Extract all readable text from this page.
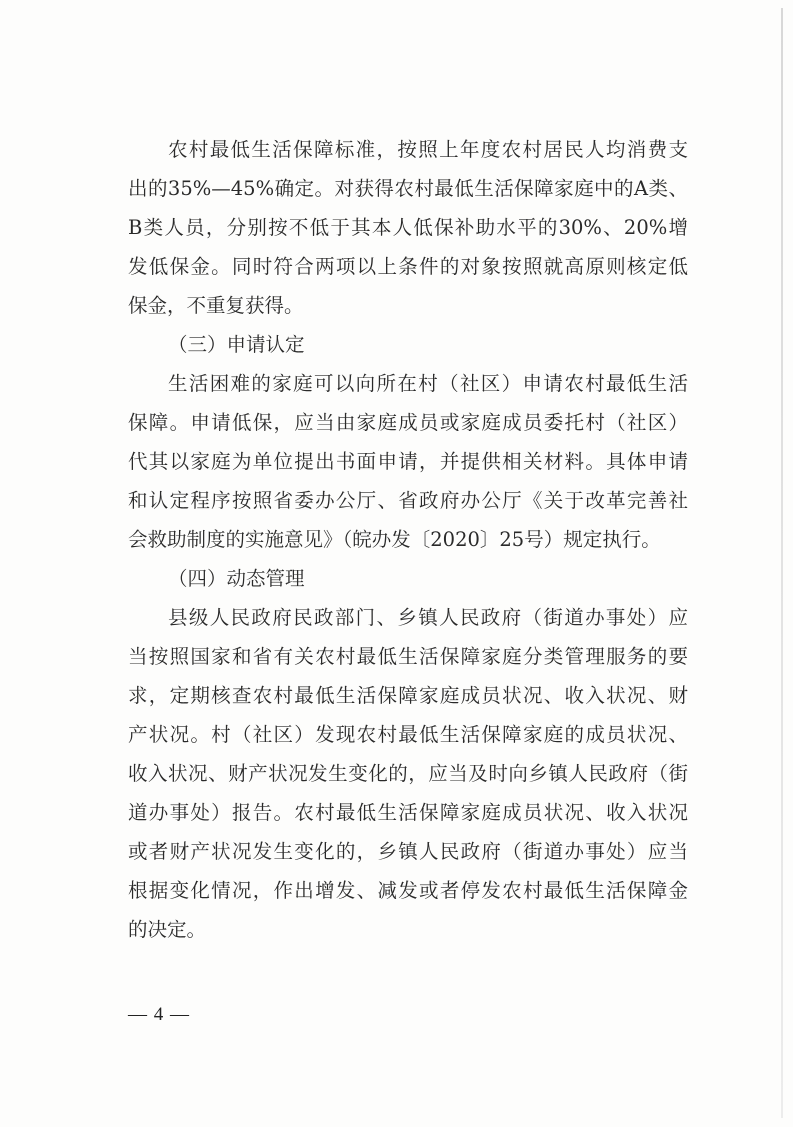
农村最低生活保障标准，按照上年度农村居民人均消费支
出的35%—45%确定。对获得农村最低生活保障家庭中的A类、
B类人员，分别按不低于其本人低保补助水平的30%、20%增
发低保金。同时符合两项以上条件的对象按照就高原则核定低
保金，不重复获得。
（三）申请认定
生活困难的家庭可以向所在村（社区）申请农村最低生活
保障。申请低保，应当由家庭成员或家庭成员委托村（社区）
代其以家庭为单位提出书面申请，并提供相关材料。具体申请
和认定程序按照省委办公厅、省政府办公厅《关于改革完善社
会救助制度的实施意见》（皖办发〔2020〕25号）规定执行。
（四）动态管理
县级人民政府民政部门、乡镇人民政府（街道办事处）应
当按照国家和省有关农村最低生活保障家庭分类管理服务的要
求，定期核查农村最低生活保障家庭成员状况、收入状况、财
产状况。村（社区）发现农村最低生活保障家庭的成员状况、
收入状况、财产状况发生变化的，应当及时向乡镇人民政府（街
道办事处）报告。农村最低生活保障家庭成员状况、收入状况
或者财产状况发生变化的，乡镇人民政府（街道办事处）应当
根据变化情况，作出增发、减发或者停发农村最低生活保障金
的决定。
— 4 —
